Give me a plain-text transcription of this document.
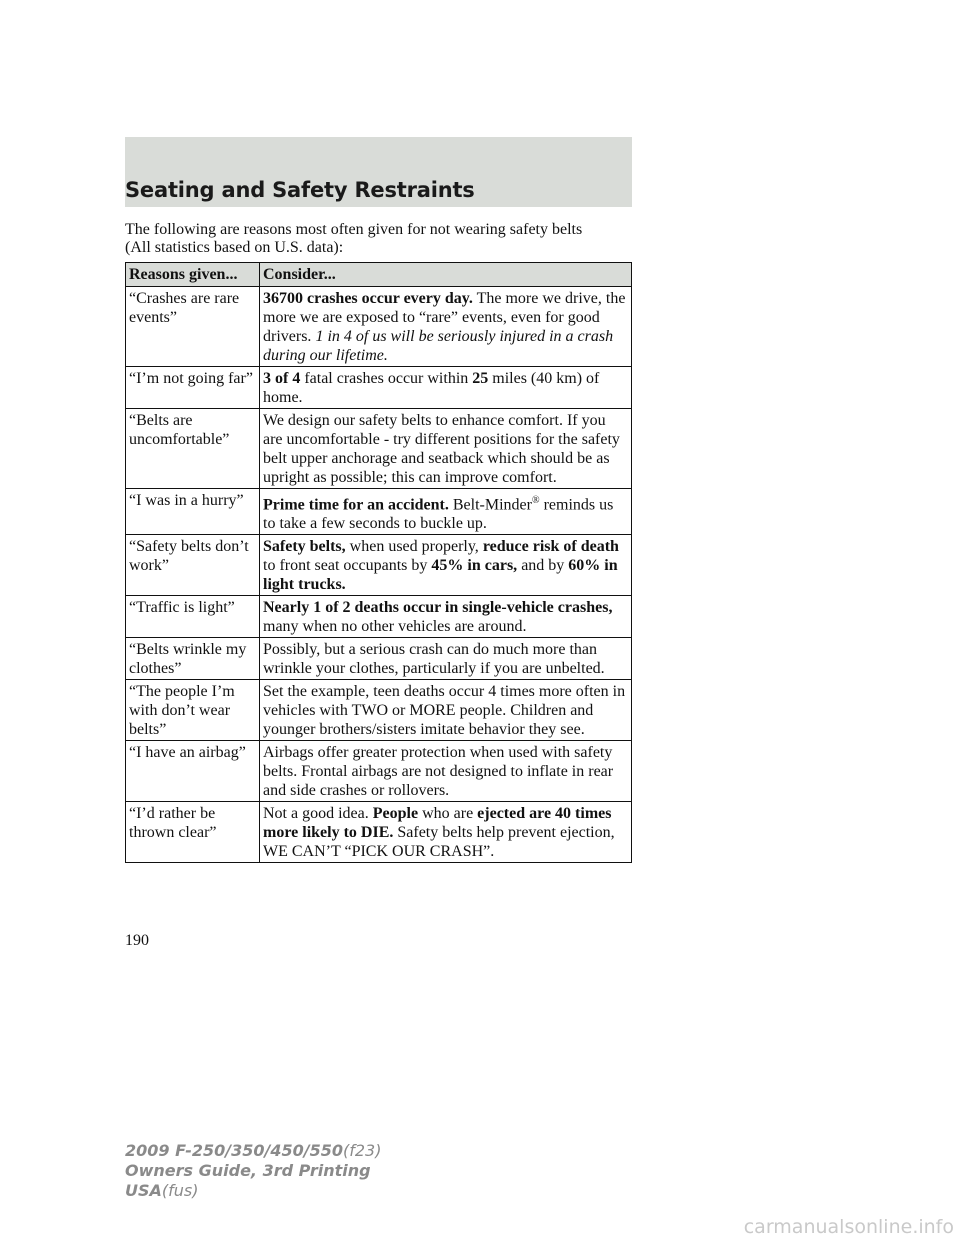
Seating and Safety Restraints

The following are reasons most often given for not wearing safety belts
(All statistics based on U.S. data):

Reasons given...	Consider...
“Crashes are rare events”	36700 crashes occur every day. The more we drive, the more we are exposed to “rare” events, even for good drivers. 1 in 4 of us will be seriously injured in a crash during our lifetime.
“I’m not going far”	3 of 4 fatal crashes occur within 25 miles (40 km) of home.
“Belts are uncomfortable”	We design our safety belts to enhance comfort. If you are uncomfortable - try different positions for the safety belt upper anchorage and seatback which should be as upright as possible; this can improve comfort.
“I was in a hurry”	Prime time for an accident. Belt-Minder® reminds us to take a few seconds to buckle up.
“Safety belts don’t work”	Safety belts, when used properly, reduce risk of death to front seat occupants by 45% in cars, and by 60% in light trucks.
“Traffic is light”	Nearly 1 of 2 deaths occur in single-vehicle crashes, many when no other vehicles are around.
“Belts wrinkle my clothes”	Possibly, but a serious crash can do much more than wrinkle your clothes, particularly if you are unbelted.
“The people I’m with don’t wear belts”	Set the example, teen deaths occur 4 times more often in vehicles with TWO or MORE people. Children and younger brothers/sisters imitate behavior they see.
“I have an airbag”	Airbags offer greater protection when used with safety belts. Frontal airbags are not designed to inflate in rear and side crashes or rollovers.
“I’d rather be thrown clear”	Not a good idea. People who are ejected are 40 times more likely to DIE. Safety belts help prevent ejection, WE CAN’T “PICK OUR CRASH”.
190
2009 F-250/350/450/550(f23)
Owners Guide, 3rd Printing
USA(fus)
carmanualsonline.info
